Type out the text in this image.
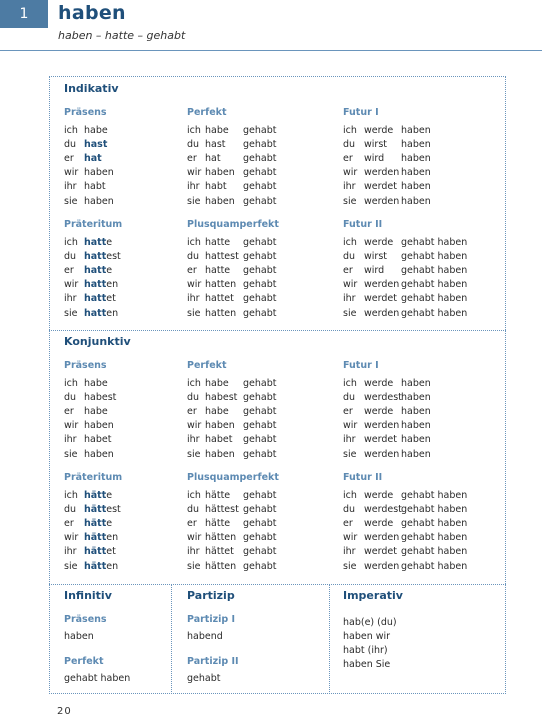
1	haben
haben – hatte – gehabt
Indikativ
Konjunktiv
Präsens
ich habe
du hast
er hat
wir haben
ihr habt
sie haben
Perfekt
ich habe gehabt
du hast gehabt
er hat gehabt
wir haben gehabt
ihr habt gehabt
sie haben gehabt
Futur I
ich werde haben
du wirst haben
er wird haben
wir werden haben
ihr werdet haben
sie werden haben
Präteritum
ich hatte
du hattest
er hatte
wir hatten
ihr hattet
sie hatten
Plusquamperfekt
ich hatte gehabt
du hattest gehabt
er hatte gehabt
wir hatten gehabt
ihr hattet gehabt
sie hatten gehabt
Futur II
ich werde gehabt haben
du wirst gehabt haben
er wird gehabt haben
wir werden gehabt haben
ihr werdet gehabt haben
sie werden gehabt haben
Präsens
ich habe
du habest
er habe
wir haben
ihr habet
sie haben
Perfekt
ich habe gehabt
du habest gehabt
er habe gehabt
wir haben gehabt
ihr habet gehabt
sie haben gehabt
Futur I
ich werde haben
du werdest haben
er werde haben
wir werden haben
ihr werdet haben
sie werden haben
Präteritum
ich hätte
du hättest
er hätte
wir hätten
ihr hättet
sie hätten
Plusquamperfekt
ich hätte gehabt
du hättest gehabt
er hätte gehabt
wir hätten gehabt
ihr hättet gehabt
sie hätten gehabt
Futur II
ich werde gehabt haben
du werdest gehabt haben
er werde gehabt haben
wir werden gehabt haben
ihr werdet gehabt haben
sie werden gehabt haben
Infinitiv
Präsens
haben
Perfekt
gehabt haben
Partizip
Partizip I
habend
Partizip II
gehabt
Imperativ
hab(e) (du)
haben wir
habt (ihr)
haben Sie
20
